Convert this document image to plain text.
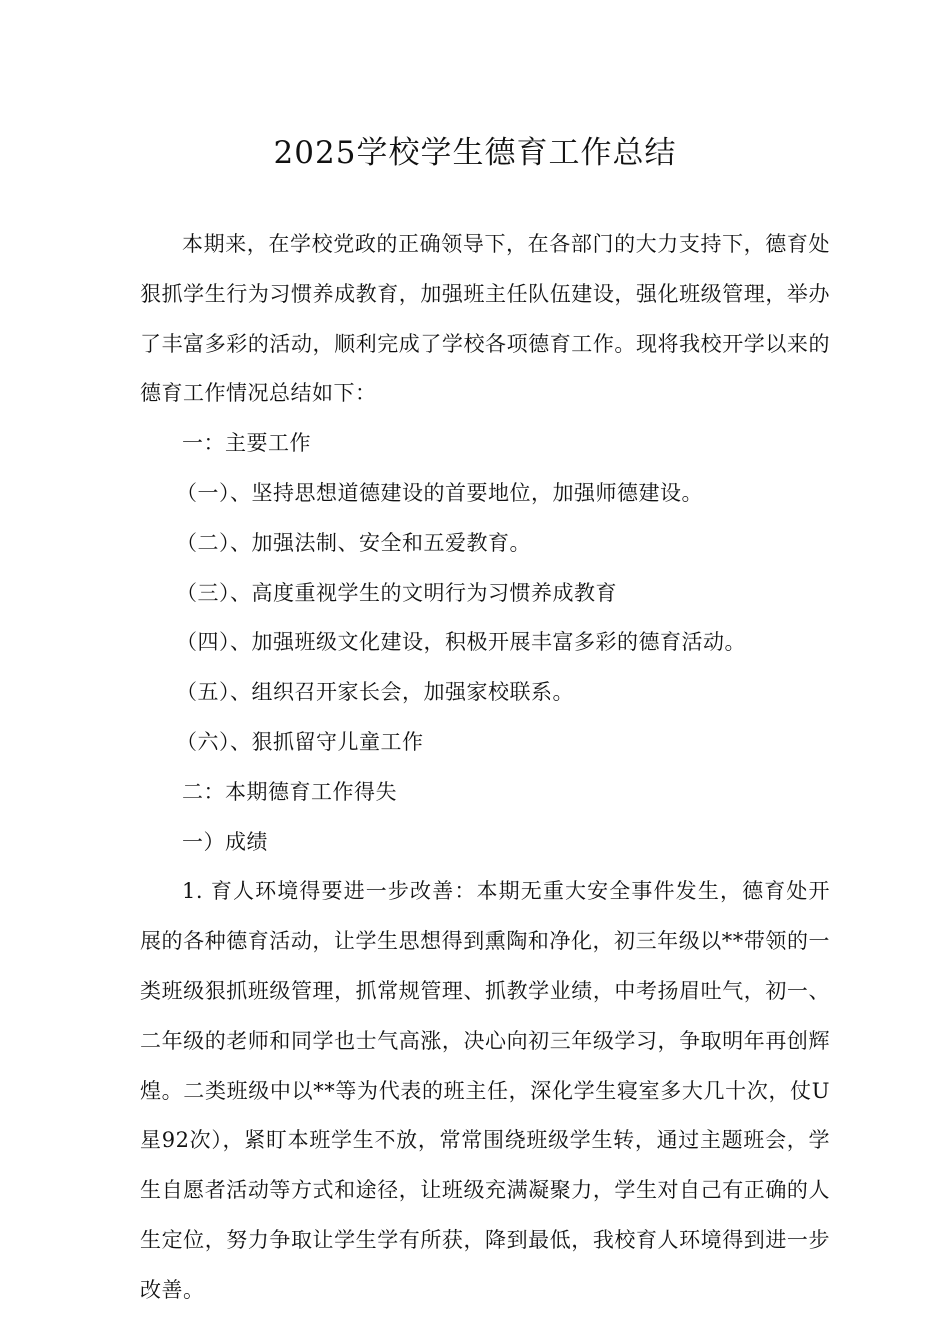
2025学校学生德育工作总结

本期来，在学校党政的正确领导下，在各部门的大力支持下，德育处狠抓学生行为习惯养成教育，加强班主任队伍建设，强化班级管理，举办了丰富多彩的活动，顺利完成了学校各项德育工作。现将我校开学以来的德育工作情况总结如下：

一：主要工作

（一）、坚持思想道德建设的首要地位，加强师德建设。

（二）、加强法制、安全和五爱教育。

（三）、高度重视学生的文明行为习惯养成教育

（四）、加强班级文化建设，积极开展丰富多彩的德育活动。

（五）、组织召开家长会，加强家校联系。

（六）、狠抓留守儿童工作

二：本期德育工作得失

一）成绩

1. 育人环境得要进一步改善：本期无重大安全事件发生，德育处开展的各种德育活动，让学生思想得到熏陶和净化，初三年级以**带领的一类班级狠抓班级管理，抓常规管理、抓教学业绩，中考扬眉吐气，初一、二年级的老师和同学也士气高涨，决心向初三年级学习，争取明年再创辉煌。二类班级中以**等为代表的班主任，深化学生寝室多大几十次，仗U星92次），紧盯本班学生不放，常常围绕班级学生转，通过主题班会，学生自愿者活动等方式和途径，让班级充满凝聚力，学生对自己有正确的人生定位，努力争取让学生学有所获，降到最低，我校育人环境得到进一步改善。
